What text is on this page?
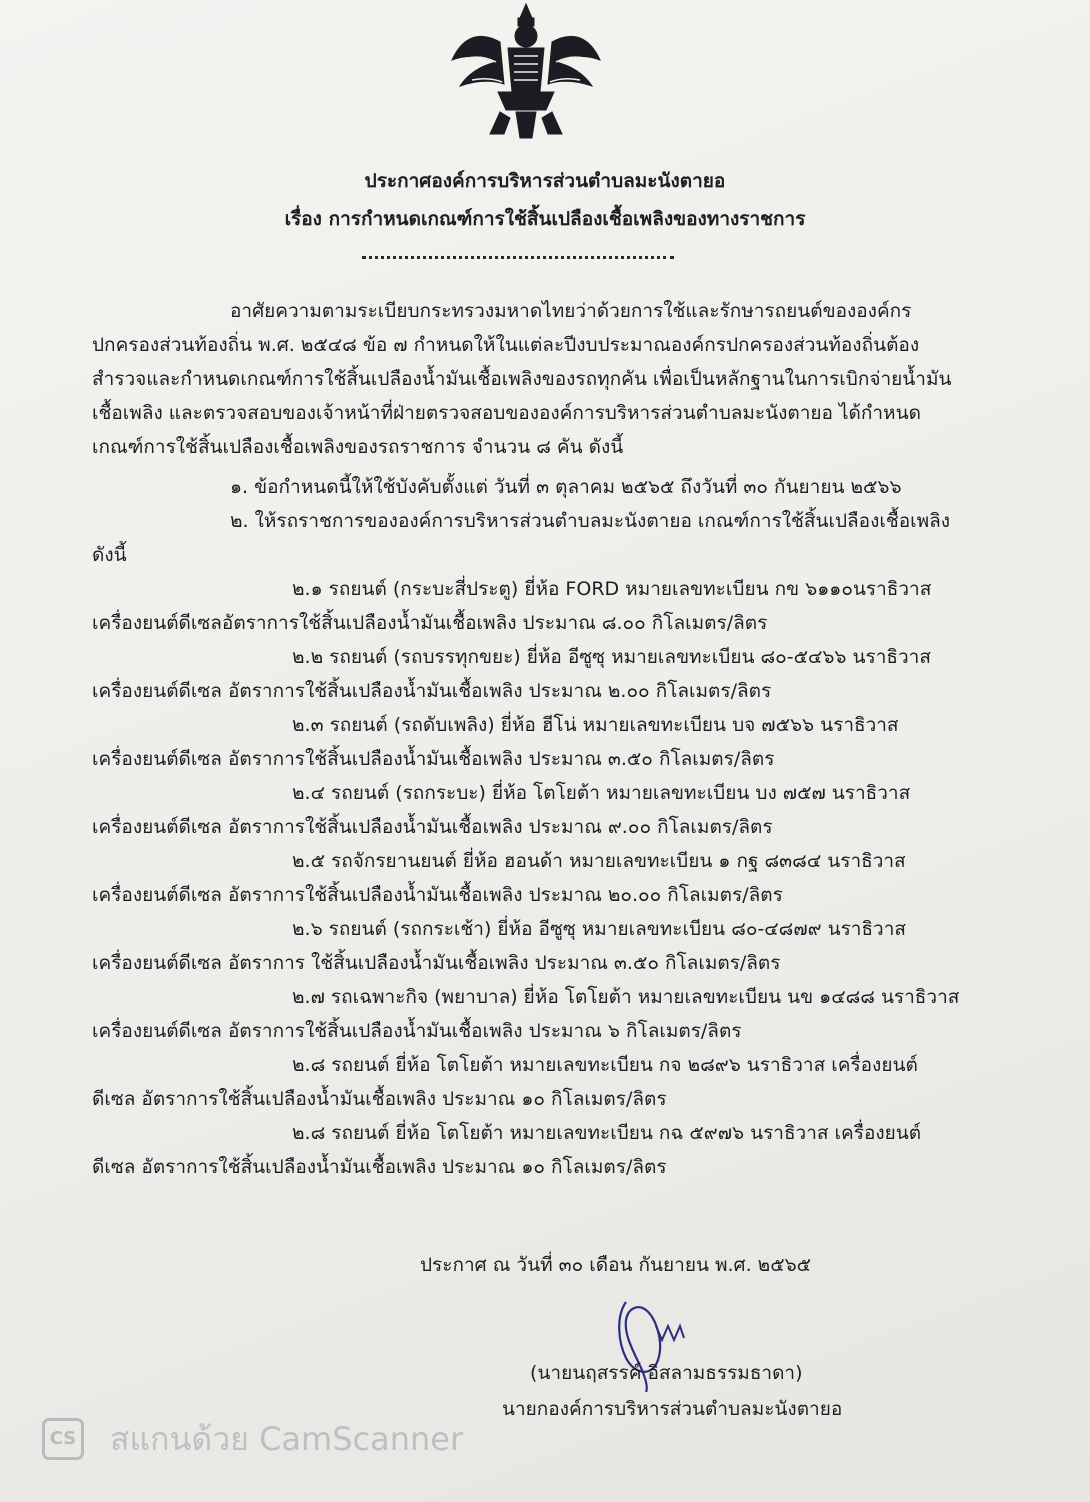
ประกาศองค์การบริหารส่วนตำบลมะนังตายอ
เรื่อง การกำหนดเกณฑ์การใช้สิ้นเปลืองเชื้อเพลิงของทางราชการ
อาศัยความตามระเบียบกระทรวงมหาดไทยว่าด้วยการใช้และรักษารถยนต์ขององค์กร
ปกครองส่วนท้องถิ่น พ.ศ. ๒๕๔๘ ข้อ ๗ กำหนดให้ในแต่ละปีงบประมาณองค์กรปกครองส่วนท้องถิ่นต้อง
สำรวจและกำหนดเกณฑ์การใช้สิ้นเปลืองน้ำมันเชื้อเพลิงของรถทุกคัน เพื่อเป็นหลักฐานในการเบิกจ่ายน้ำมัน
เชื้อเพลิง และตรวจสอบของเจ้าหน้าที่ฝ่ายตรวจสอบขององค์การบริหารส่วนตำบลมะนังตายอ ได้กำหนด
เกณฑ์การใช้สิ้นเปลืองเชื้อเพลิงของรถราชการ จำนวน ๘ คัน ดังนี้
๑. ข้อกำหนดนี้ให้ใช้บังคับตั้งแต่ วันที่ ๓ ตุลาคม ๒๕๖๕ ถึงวันที่ ๓๐ กันยายน ๒๕๖๖
๒. ให้รถราชการขององค์การบริหารส่วนตำบลมะนังตายอ เกณฑ์การใช้สิ้นเปลืองเชื้อเพลิง
ดังนี้
๒.๑ รถยนต์ (กระบะสี่ประตู) ยี่ห้อ FORD หมายเลขทะเบียน กข ๖๑๑๐นราธิวาส
เครื่องยนต์ดีเซลอัตราการใช้สิ้นเปลืองน้ำมันเชื้อเพลิง ประมาณ ๘.๐๐ กิโลเมตร/ลิตร
๒.๒ รถยนต์ (รถบรรทุกขยะ) ยี่ห้อ อีซูซุ หมายเลขทะเบียน ๘๐-๕๔๖๖ นราธิวาส
เครื่องยนต์ดีเซล อัตราการใช้สิ้นเปลืองน้ำมันเชื้อเพลิง ประมาณ ๒.๐๐ กิโลเมตร/ลิตร
๒.๓ รถยนต์ (รถดับเพลิง) ยี่ห้อ ฮีโน่ หมายเลขทะเบียน บจ ๗๕๖๖ นราธิวาส
เครื่องยนต์ดีเซล อัตราการใช้สิ้นเปลืองน้ำมันเชื้อเพลิง ประมาณ ๓.๕๐ กิโลเมตร/ลิตร
๒.๔ รถยนต์ (รถกระบะ) ยี่ห้อ โตโยต้า หมายเลขทะเบียน บง ๗๕๗ นราธิวาส
เครื่องยนต์ดีเซล อัตราการใช้สิ้นเปลืองน้ำมันเชื้อเพลิง ประมาณ ๙.๐๐ กิโลเมตร/ลิตร
๒.๕ รถจักรยานยนต์ ยี่ห้อ ฮอนด้า หมายเลขทะเบียน ๑ กฐ ๘๓๘๔ นราธิวาส
เครื่องยนต์ดีเซล อัตราการใช้สิ้นเปลืองน้ำมันเชื้อเพลิง ประมาณ ๒๐.๐๐ กิโลเมตร/ลิตร
๒.๖ รถยนต์ (รถกระเช้า) ยี่ห้อ อีซูซุ หมายเลขทะเบียน ๘๐-๔๘๗๙ นราธิวาส
เครื่องยนต์ดีเซล อัตราการ ใช้สิ้นเปลืองน้ำมันเชื้อเพลิง ประมาณ ๓.๕๐ กิโลเมตร/ลิตร
๒.๗ รถเฉพาะกิจ (พยาบาล) ยี่ห้อ โตโยต้า หมายเลขทะเบียน นข ๑๔๘๘ นราธิวาส
เครื่องยนต์ดีเซล อัตราการใช้สิ้นเปลืองน้ำมันเชื้อเพลิง ประมาณ ๖ กิโลเมตร/ลิตร
๒.๘ รถยนต์ ยี่ห้อ โตโยต้า หมายเลขทะเบียน กจ ๒๘๙๖ นราธิวาส เครื่องยนต์
ดีเซล อัตราการใช้สิ้นเปลืองน้ำมันเชื้อเพลิง ประมาณ ๑๐ กิโลเมตร/ลิตร
๒.๘ รถยนต์ ยี่ห้อ โตโยต้า หมายเลขทะเบียน กฉ ๕๙๗๖ นราธิวาส เครื่องยนต์
ดีเซล อัตราการใช้สิ้นเปลืองน้ำมันเชื้อเพลิง ประมาณ ๑๐ กิโลเมตร/ลิตร
ประกาศ ณ วันที่ ๓๐ เดือน กันยายน พ.ศ. ๒๕๖๕
(นายนฤสรรค์ อิสลามธรรมธาดา)
นายกองค์การบริหารส่วนตำบลมะนังตายอ
CS สแกนด้วย CamScanner
